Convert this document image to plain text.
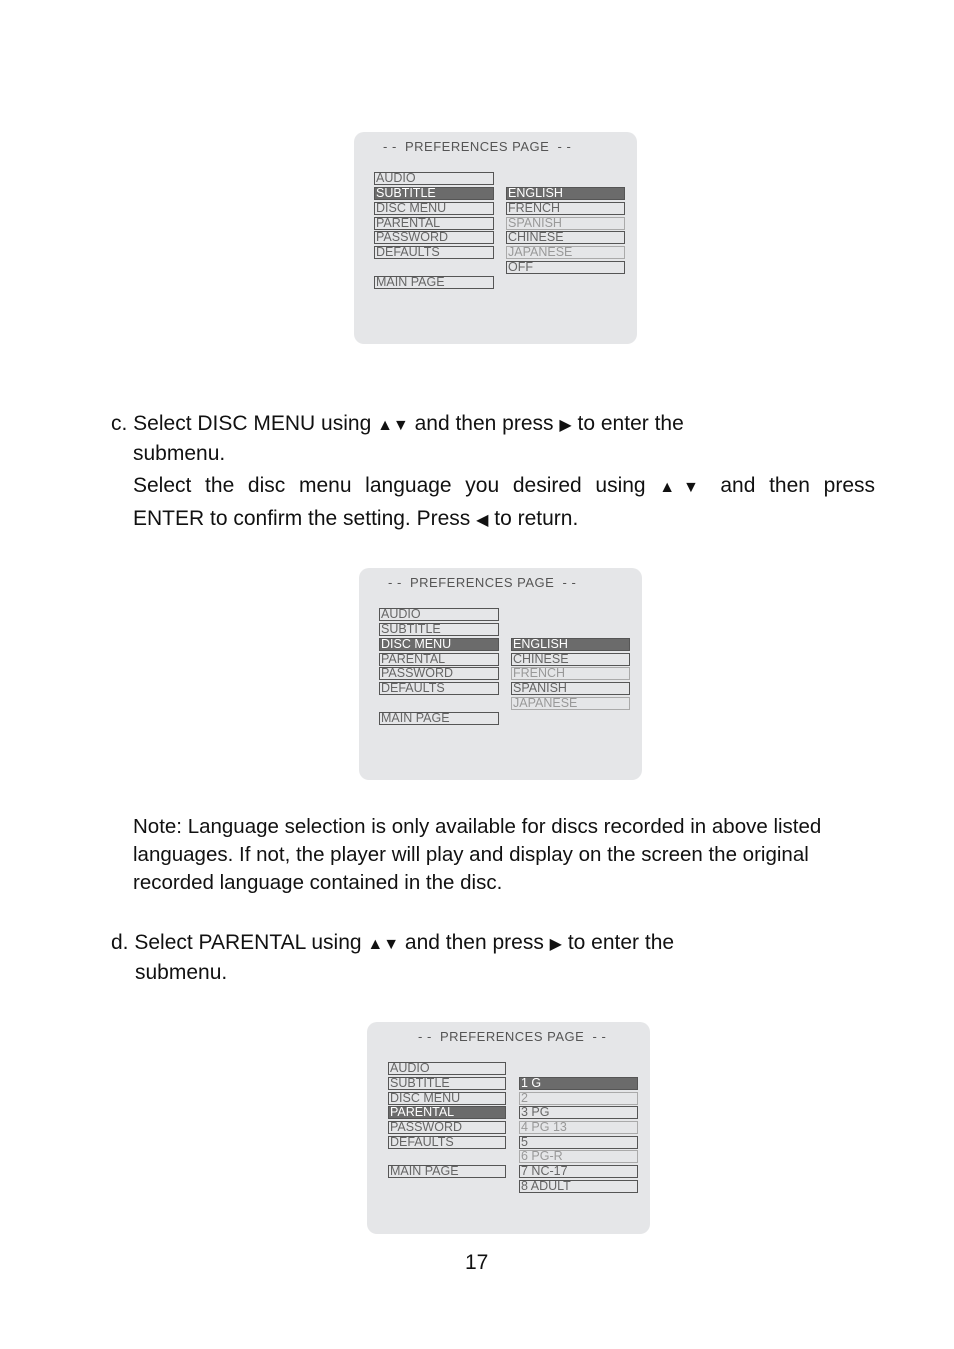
- -  PREFERENCES PAGE  - -
AUDIO
SUBTITLE
DISC MENU
PARENTAL
PASSWORD
DEFAULTS
MAIN PAGE
ENGLISH
FRENCH
SPANISH
CHINESE
JAPANESE
OFF
c. Select DISC MENU using ▲▼ and then press ▶ to enter the
submenu.
Select the disc menu language you desired using ▲▼ and then press
ENTER to confirm the setting. Press ◀ to return.
- -  PREFERENCES PAGE  - -
AUDIO
SUBTITLE
DISC MENU
PARENTAL
PASSWORD
DEFAULTS
MAIN PAGE
ENGLISH
CHINESE
FRENCH
SPANISH
JAPANESE
Note: Language selection is only available for discs recorded in above listed
languages. If not, the player will play and display on the screen the original
recorded language contained in the disc.
d. Select PARENTAL using ▲▼ and then press ▶ to enter the
submenu.
- -  PREFERENCES PAGE  - -
AUDIO
SUBTITLE
DISC MENU
PARENTAL
PASSWORD
DEFAULTS
MAIN PAGE
1 G
2
3 PG
4 PG 13
5
6 PG-R
7 NC-17
8 ADULT
17
